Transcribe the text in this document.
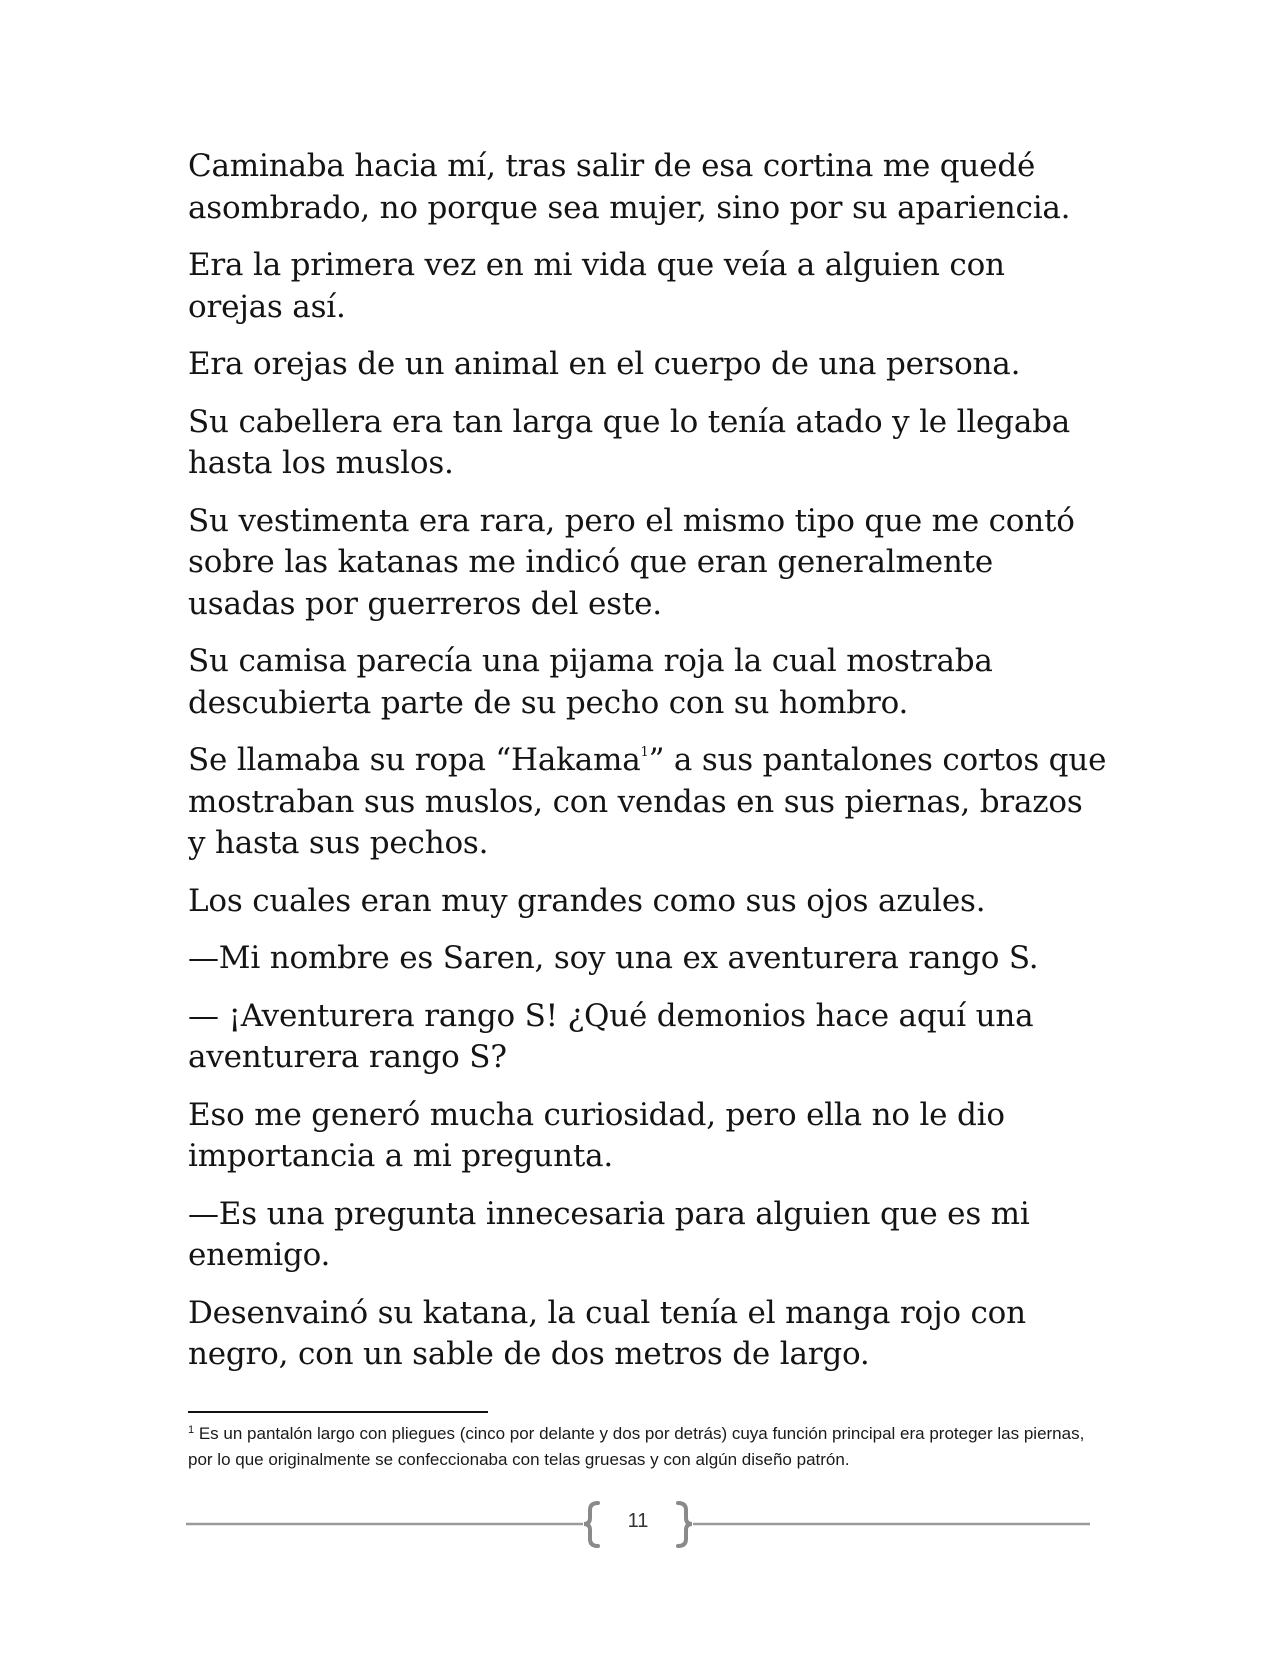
Caminaba hacia mí, tras salir de esa cortina me quedé asombrado, no porque sea mujer, sino por su apariencia.

Era la primera vez en mi vida que veía a alguien con orejas así.

Era orejas de un animal en el cuerpo de una persona.

Su cabellera era tan larga que lo tenía atado y le llegaba hasta los muslos.

Su vestimenta era rara, pero el mismo tipo que me contó sobre las katanas me indicó que eran generalmente usadas por guerreros del este.

Su camisa parecía una pijama roja la cual mostraba descubierta parte de su pecho con su hombro.

Se llamaba su ropa “Hakama$^1$” a sus pantalones cortos que mostraban sus muslos, con vendas en sus piernas, brazos y hasta sus pechos.

Los cuales eran muy grandes como sus ojos azules.

—Mi nombre es Saren, soy una ex aventurera rango S.

— ¡Aventurera rango S! ¿Qué demonios hace aquí una aventurera rango S?

Eso me generó mucha curiosidad, pero ella no le dio importancia a mi pregunta.

—Es una pregunta innecesaria para alguien que es mi enemigo.

Desenvainó su katana, la cual tenía el manga rojo con negro, con un sable de dos metros de largo.

$^1$ Es un pantalón largo con pliegues (cinco por delante y dos por detrás) cuya función principal era proteger las piernas, por lo que originalmente se confeccionaba con telas gruesas y con algún diseño patrón.
11
